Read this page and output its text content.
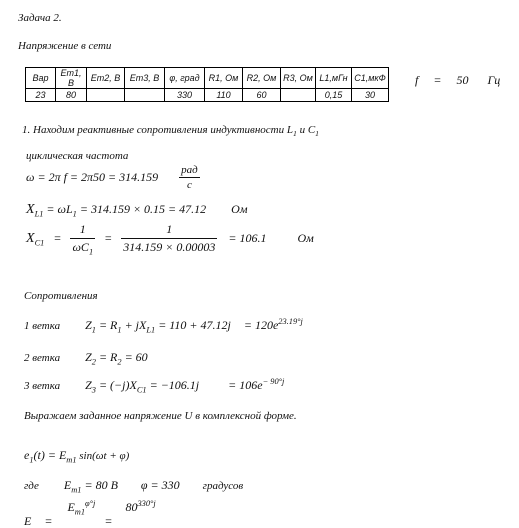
Задача 2.
Напряжение в сети
Вар	Em1, В	Em2, В	Em3, В	φ, град	R1, Ом	R2, Ом	R3, Ом	L1,мГн	C1,мкФ
23	80			330	110	60		0,15	30
f = 50 Гц
1. Находим реактивные сопротивления индуктивности $L_1$ и $C_1$
циклическая частота
ω = 2π $f = 2\pi 50 = 314.159 \frac{\text{рад}}{с}$
$X_{L1} = \omega L_1 = 314.159 \times 0.15 = 47.12$ Ом
$X_{C1} = \frac{1}{\omega C_1} = \frac{1}{314.159 \times 0.00003} = 106.1$	Ом
Сопротивления
1 ветка $Z_1 = R_1 + jX_{L1} = 110 + 47.12j = 120e^{23.19^\circ j}$
2 ветка $Z_2 = R_2 = 60$
3 ветка $Z_3 = (-j)X_{C1} = -106.1j = 106e^{- 90^\circ j}$
Выражаем заданное напряжение U в комплексной форме.
$e_1(t) = E_{m1}$ sin(ωt + φ)
где $E_{m1} = 80$ В φ = 330 градусов
$E = E_{m1}^{\varphi^\circ j} = 80^{330^\circ j}$
